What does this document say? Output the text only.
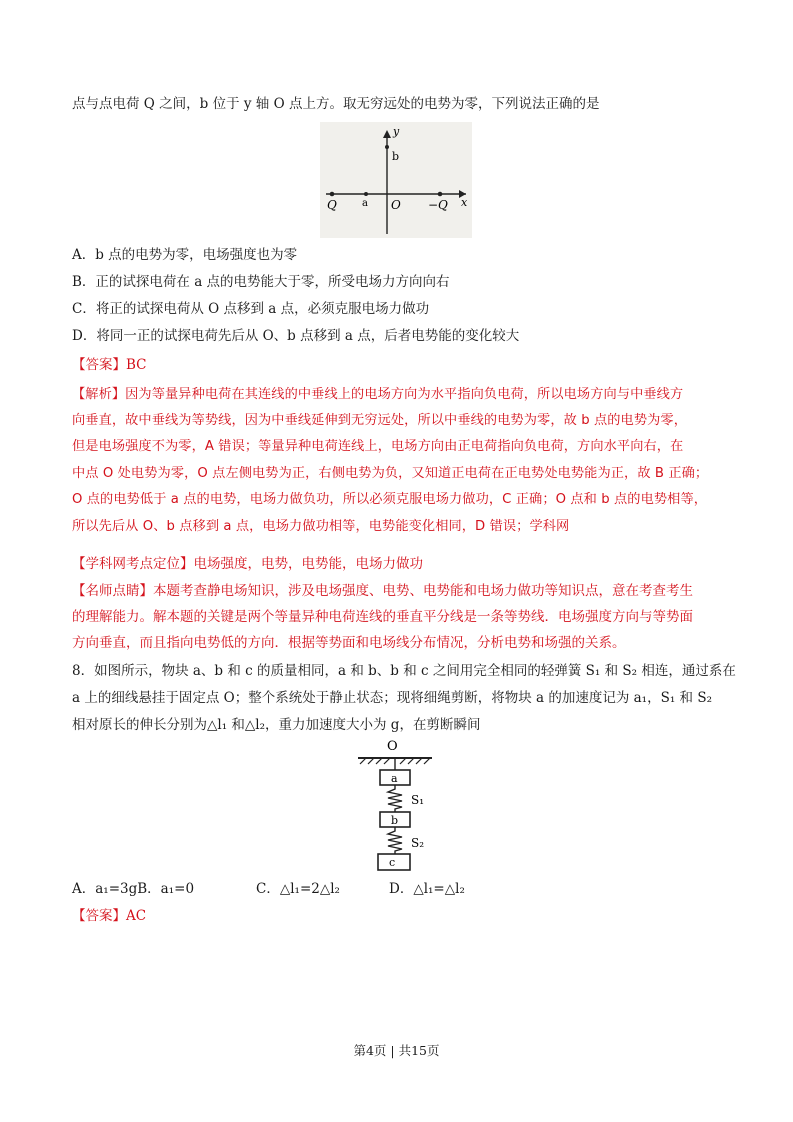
点与点电荷 Q 之间，b 位于 y 轴 O 点上方。取无穷远处的电势为零，下列说法正确的是
y
x
b
Q	a O −Q
A．b 点的电势为零，电场强度也为零
B．正的试探电荷在 a 点的电势能大于零，所受电场力方向向右
C．将正的试探电荷从 O 点移到 a 点，必须克服电场力做功
D．将同一正的试探电荷先后从 O、b 点移到 a 点，后者电势能的变化较大
【答案】BC
【解析】因为等量异种电荷在其连线的中垂线上的电场方向为水平指向负电荷，所以电场方向与中垂线方
向垂直，故中垂线为等势线，因为中垂线延伸到无穷远处，所以中垂线的电势为零，故 b 点的电势为零，
但是电场强度不为零，A 错误；等量异种电荷连线上，电场方向由正电荷指向负电荷，方向水平向右，在
中点 O 处电势为零，O 点左侧电势为正，右侧电势为负，又知道正电荷在正电势处电势能为正，故 B 正确；
O 点的电势低于 a 点的电势，电场力做负功，所以必须克服电场力做功，C 正确；O 点和 b 点的电势相等，
所以先后从 O、b 点移到 a 点，电场力做功相等，电势能变化相同，D 错误；学科网
【学科网考点定位】电场强度，电势，电势能，电场力做功
【名师点睛】本题考查静电场知识，涉及电场强度、电势、电势能和电场力做功等知识点，意在考查考生
的理解能力。解本题的关键是两个等量异种电荷连线的垂直平分线是一条等势线．电场强度方向与等势面
方向垂直，而且指向电势低的方向．根据等势面和电场线分布情况，分析电势和场强的关系。
8．如图所示，物块 a、b 和 c 的质量相同，a 和 b、b 和 c 之间用完全相同的轻弹簧 S₁ 和 S₂ 相连，通过系在
a 上的细线悬挂于固定点 O；整个系统处于静止状态；现将细绳剪断，将物块 a 的加速度记为 a₁，S₁ 和 S₂
相对原长的伸长分别为△l₁ 和△l₂，重力加速度大小为 g，在剪断瞬间
O
a
S₁
b
S₂
c
A．a₁=3gB．a₁=0	C．△l₁=2△l₂	D．△l₁=△l₂
【答案】AC
第4页 | 共15页
